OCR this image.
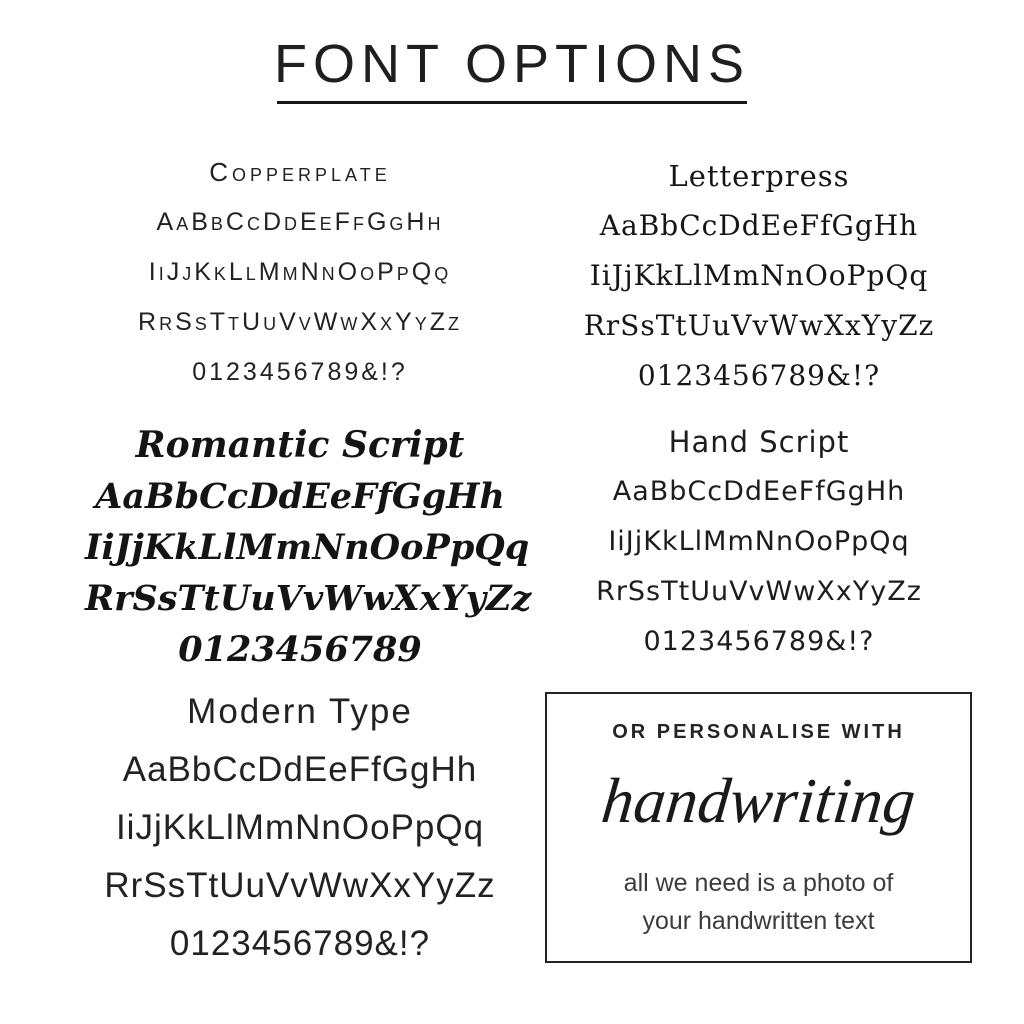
FONT OPTIONS
Copperplate
AaBbCcDdEeFfGgHh
IiJjKkLlMmNnOoPpQq
RrSsTtUuVvWwXxYyZz
0123456789&!?
Letterpress
AaBbCcDdEeFfGgHh
IiJjKkLlMmNnOoPpQq
RrSsTtUuVvWwXxYyZz
0123456789&!?
Romantic Script
AaBbCcDdEeFfGgHh
IiJjKkLlMmNnOoPpQq
RrSsTtUuVvWwXxYyZz
0123456789
Hand Script
AaBbCcDdEeFfGgHh
IiJjKkLlMmNnOoPpQq
RrSsTtUuVvWwXxYyZz
0123456789&!?
Modern Type
AaBbCcDdEeFfGgHh
IiJjKkLlMmNnOoPpQq
RrSsTtUuVvWwXxYyZz
0123456789&!?
OR PERSONALISE WITH
handwriting
all we need is a photo of
your handwritten text
